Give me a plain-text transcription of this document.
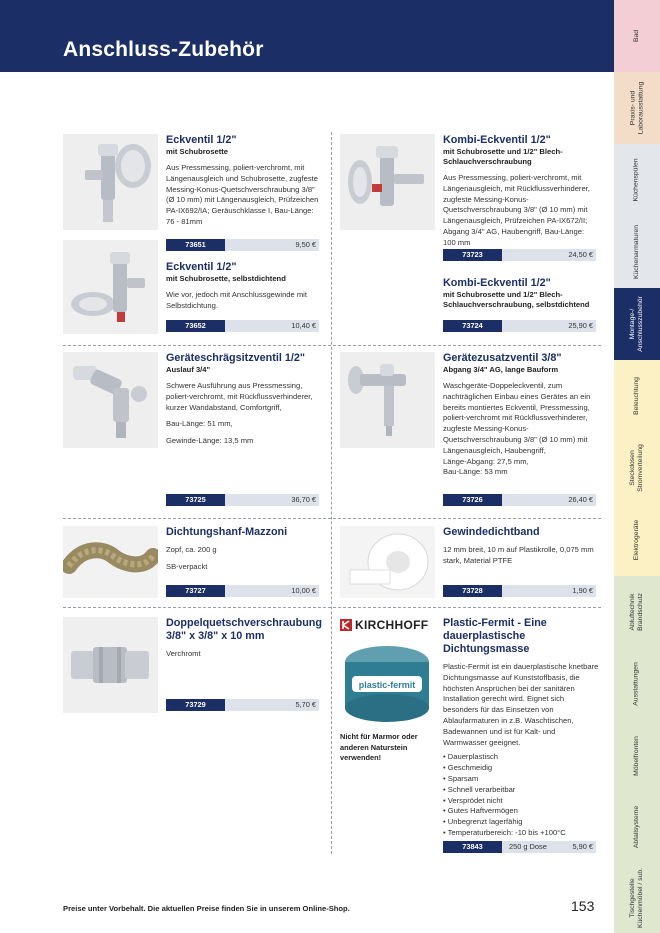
Anschluss-Zubehör
Bad
Praxis- und
Laborausstattung
Küchenspülen
Küchenarmaturen
Montage-/
Anschlusszubehör
Beleuchtung
Steckdosen
Stromverteilung
Elektrogeräte
Abluftechnik
Brandschutz
Ausstattungen
Möbelfronten
Abfallsysteme
Tischgestelle
Küchenmöbel / sub.
Eckventil 1/2"
mit Schubrosette
Aus Pressmessing, poliert-verchromt, mit Längenausgleich und Schubrosette, zugfeste Messing-Konus-Quetschverschraubung 3/8" (Ø 10 mm) mit Längenausgleich, Prüfzeichen PA-IX692/IA; Geräuschklasse I, Bau-Länge: 76 - 81mm
73651	9,50 €
Eckventil 1/2"
mit Schubrosette, selbstdichtend
Wie vor, jedoch mit Anschlussgewinde mit Selbstdichtung.
73652	10,40 €
Kombi-Eckventil 1/2"
mit Schubrosette und 1/2" Blech-Schlauchverschraubung
Aus Pressmessing, poliert-verchromt, mit Längenausgleich, mit Rückflussverhinderer, zugfeste Messing-Konus-Quetschverschraubung 3/8" (Ø 10 mm) mit Längenausgleich, Prüfzeichen PA-IX672/II; Abgang 3/4" AG, Haubengriff, Bau-Länge: 100 mm
73723	24,50 €
Kombi-Eckventil 1/2"
mit Schubrosette und 1/2" Blech-Schlauchverschraubung, selbstdichtend
73724	25,90 €
Geräteschrägsitzventil 1/2"
Auslauf 3/4"
Schwere Ausführung aus Pressmessing, poliert-verchromt, mit Rückflussverhinderer, kurzer Wandabstand, Comfortgriff,
Bau-Länge: 51 mm,
Gewinde-Länge: 13,5 mm
73725	36,70 €
Gerätezusatzventil 3/8"
Abgang 3/4" AG, lange Bauform
Waschgeräte-Doppeleckventil, zum nachträglichen Einbau eines Gerätes an ein bereits montiertes Eckventil, Pressmessing, poliert-verchromt mit Rückflussverhinderer, zugfeste Messing-Konus-Quetschverschraubung 3/8" (Ø 10 mm) mit Längenausgleich, Haubengriff,
Länge-Abgang: 27,5 mm,
Bau-Länge: 53 mm
73726	26,40 €
Dichtungshanf-Mazzoni
Zopf, ca. 200 g
SB-verpackt
73727	10,00 €
Gewindedichtband
12 mm breit, 10 m auf Plastikrolle, 0,075 mm stark, Material PTFE
73728	1,90 €
Doppelquetschverschraubung 3/8" x 3/8" x 10 mm
Verchromt
73729	5,70 €
KIRCHHOFF
plastic-fermit
Nicht für Marmor oder anderen Naturstein verwenden!
Plastic-Fermit - Eine dauerplastische Dichtungsmasse
Plastic-Fermit ist ein dauerplastische knetbare Dichtungsmasse auf Kunststoffbasis, die höchsten Ansprüchen bei der sanitären Installation gerecht wird. Eignet sich besonders für das Einsetzen von Ablaufarmaturen in z.B. Waschtischen, Badewannen und ist für Kalt- und Warmwasser geeignet.
• Dauerplastisch
• Geschmeidig
• Sparsam
• Schnell verarbeitbar
• Versprödet nicht
• Gutes Haftvermögen
• Unbegrenzt lagerfähig
• Temperaturbereich: -10 bis +100°C
73843	250 g Dose	5,90 €
Preise unter Vorbehalt. Die aktuellen Preise finden Sie in unserem Online-Shop.	153
